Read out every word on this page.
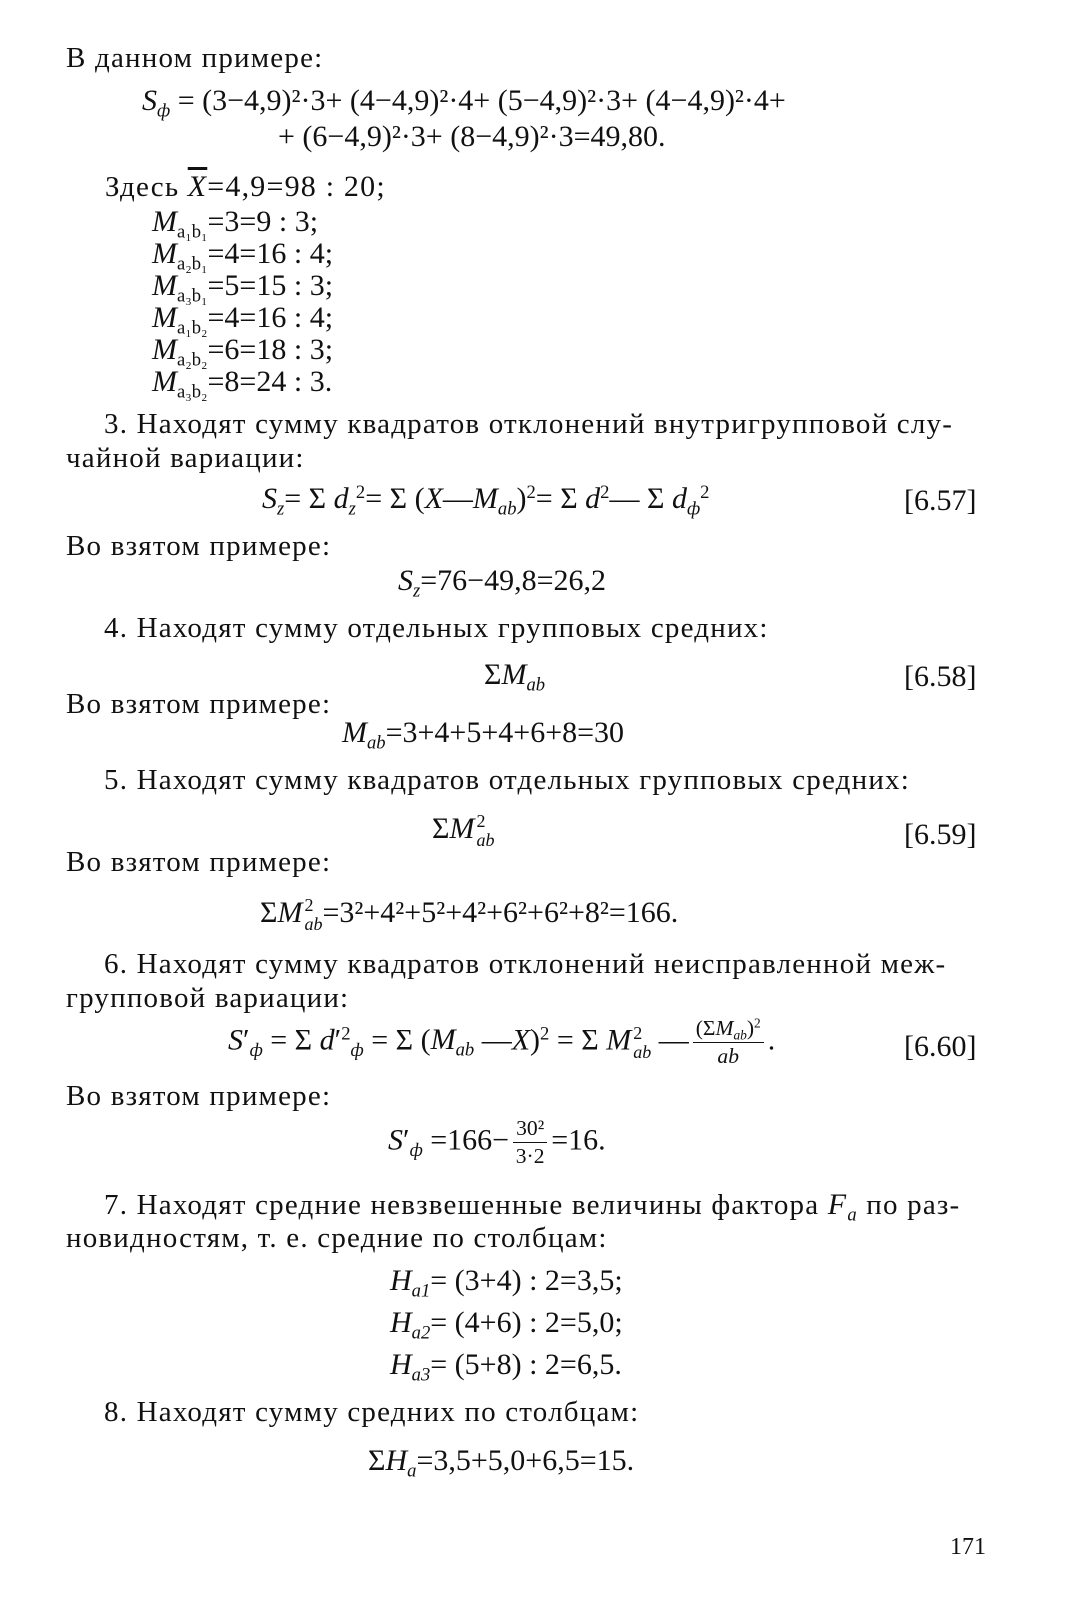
В данном примере:
$S_ф = (3-4,9)^2\cdot 3+ (4-4,9)^2\cdot 4+ (5-4,9)^2\cdot 3+ (4-4,9)^2\cdot 4+$
+ (6−4,9)²·3+ (8−4,9)²·3=49,80.
Здесь $\overline{X}=4,9=98$ : 20;
$M_{a_1b_1}=3=9$ : 3;
$M_{a_2b_1}=4=16$ : 4;
$M_{a_3b_1}=5=15$ : 3;
$M_{a_1b_2}=4=16$ : 4;
$M_{a_2b_2}=6=18$ : 3;
$M_{a_3b_2}=8=24$ : 3.
3. Находят сумму квадратов отклонений внутригрупповой слу-
чайной вариации:
$S_z= \Sigma$ $d_z^2= \Sigma$ $(X—M_{ab})^2= \Sigma$ $d^2—$ Σ $d_ф^2$	[6.57]
Во взятом примере:
$S_z=76-49,8=26,2$
4. Находят сумму отдельных групповых средних:
$\Sigma M_{ab}$	[6.58]
Во взятом примере:
$M_{ab}=3+4+5+4+6+8=30$
5. Находят сумму квадратов отдельных групповых средних:
ΣM 2
ab	[6.59]
Во взятом примере:
ΣM 2
ab =3²+4²+5²+4²+6²+6²+8²=166.
6. Находят сумму квадратов отклонений неисправленной меж-
групповой вариации:
$S'_ф = \Sigma$ $d'^2_ф = \Sigma$ ($M_{ab}$ —X)$^2$ = Σ M 2
ab — $\frac{(\Sigma M_{ab})^2}{ab}$ .	[6.60]
Во взятом примере:
$S'_ф =166- \frac{\text{30²}}{3\cdot 2} =16$.
7. Находят средние невзвешенные величины фактора $F_a$ по раз-
новидностям, т. е. средние по столбцам:
$H_{a1}= (3+4)$ : 2=3,5;
$H_{a2}= (4+6)$ : 2=5,0;
$H_{a3}= (5+8)$ : 2=6,5.
8. Находят сумму средних по столбцам:
$\Sigma H_a=3,5+5,0+6,5=15$.
171
